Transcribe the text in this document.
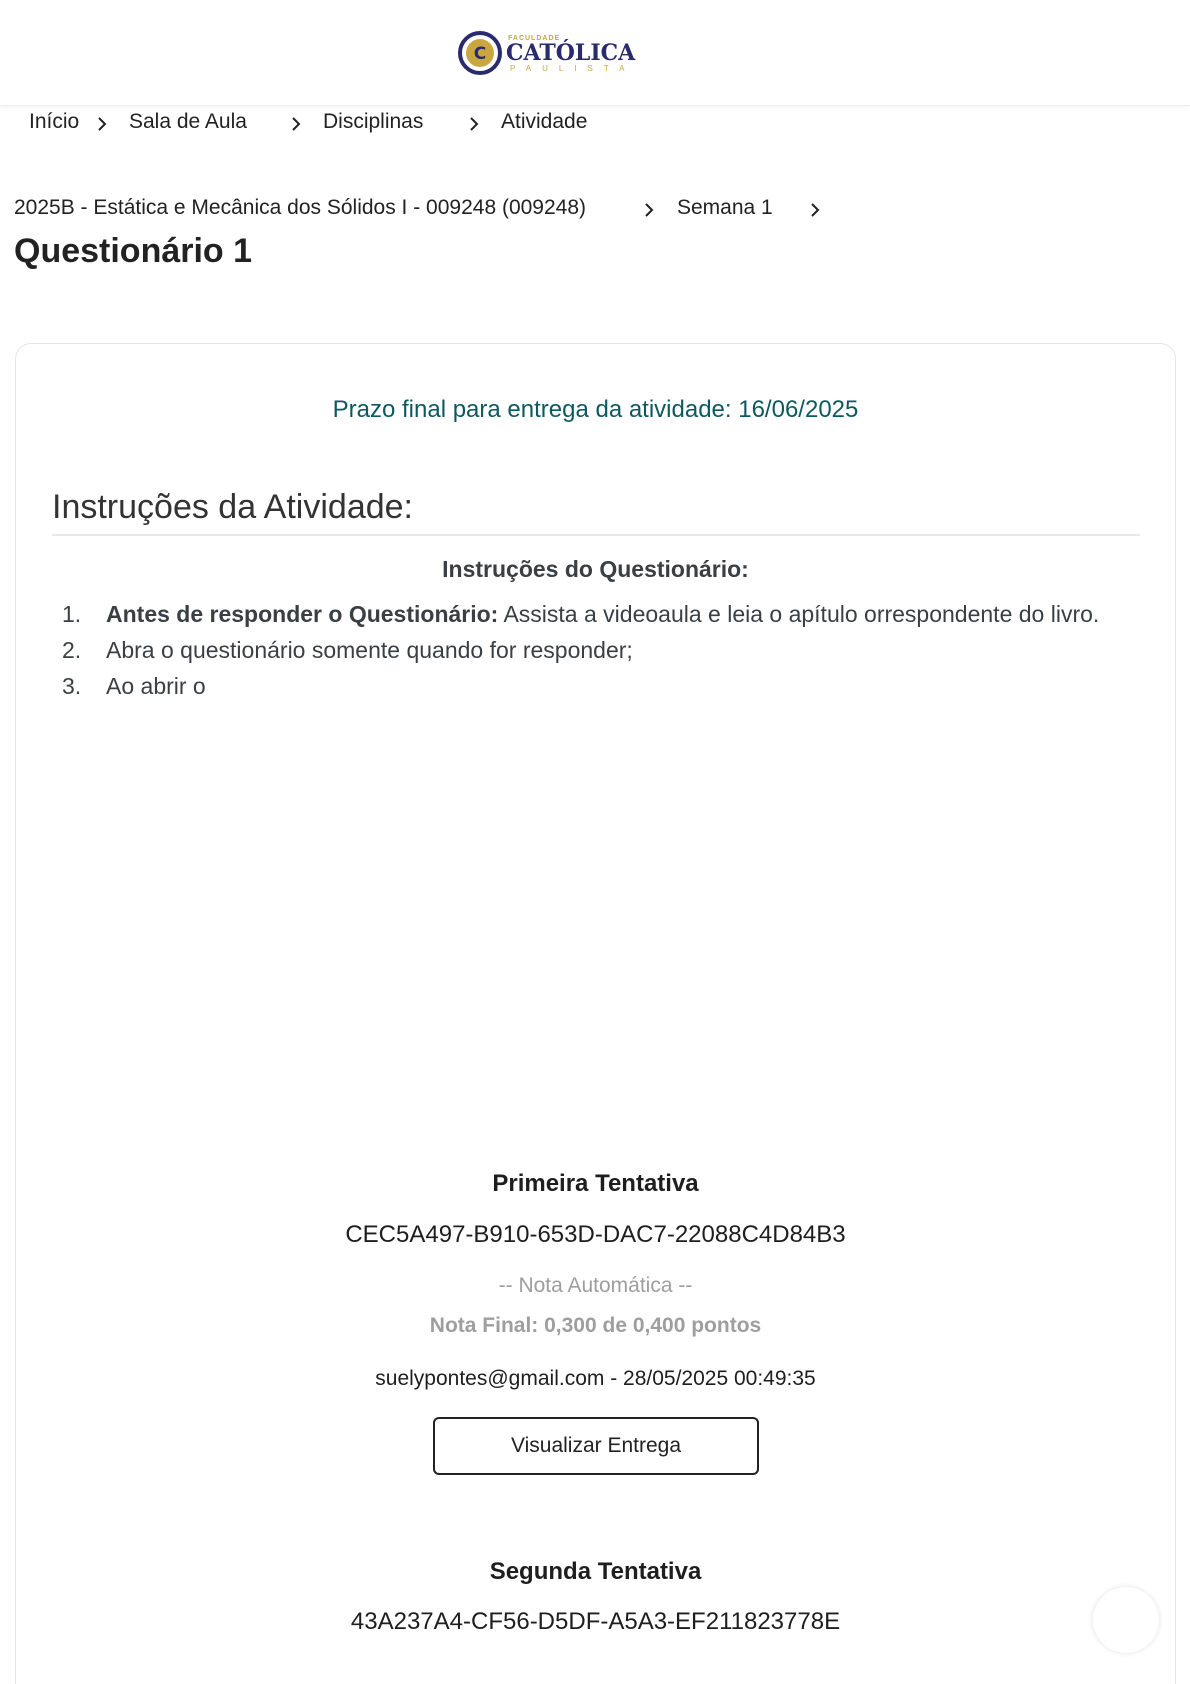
C
FACULDADE
CATÓLICA
PAULISTA
Início Sala de Aula	Disciplinas	Atividade
2025B - Estática e Mecânica dos Sólidos I - 009248 (009248)	Semana 1
Questionário 1
Prazo final para entrega da atividade: 16/06/2025
Instruções da Atividade:
Instruções do Questionário:
1. Antes de responder o Questionário: Assista a videoaula e leia o apítulo orrespondente do livro.
2. Abra o questionário somente quando for responder;
3. Ao abrir o
Primeira Tentativa
CEC5A497-B910-653D-DAC7-22088C4D84B3
-- Nota Automática --
Nota Final: 0,300 de 0,400 pontos
suelypontes@gmail.com - 28/05/2025 00:49:35
Visualizar Entrega
Segunda Tentativa
43A237A4-CF56-D5DF-A5A3-EF211823778E
